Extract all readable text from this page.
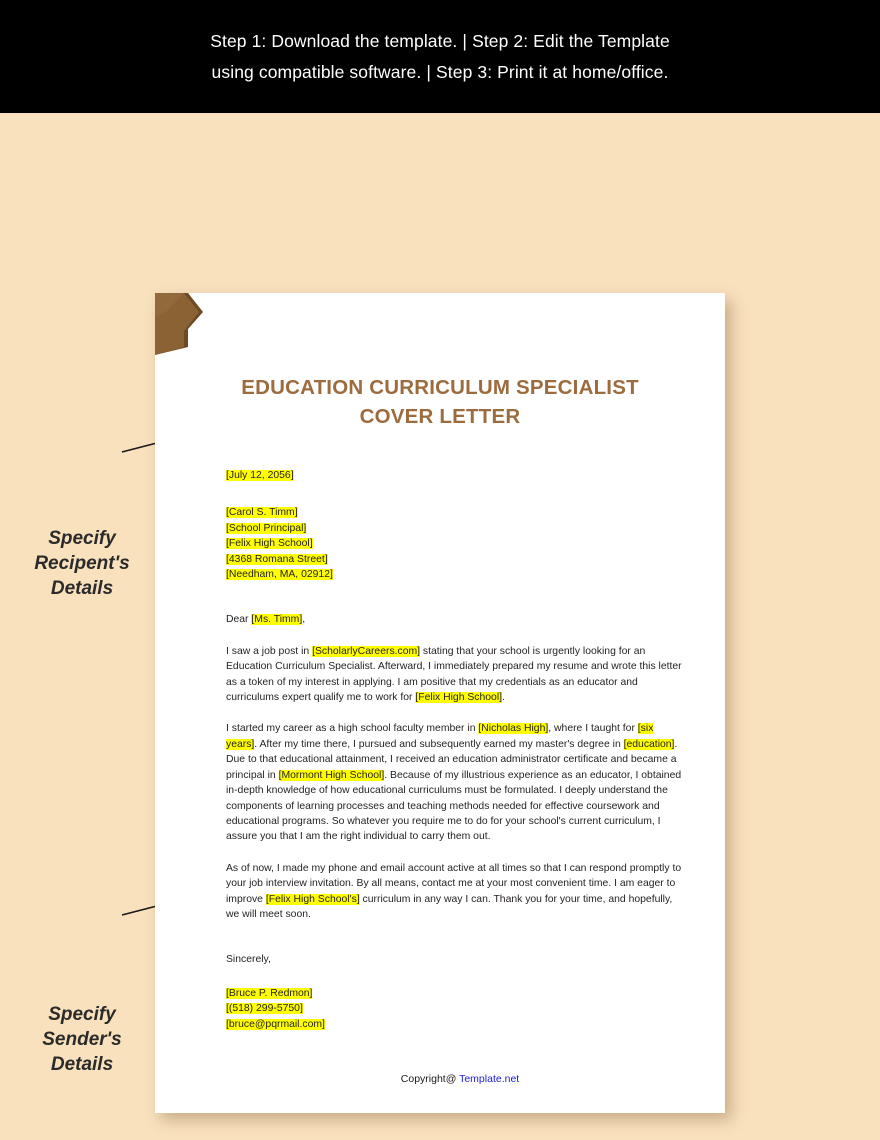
Step 1: Download the template. | Step 2: Edit the Template
using compatible software. | Step 3: Print it at home/office.
Specify
Recipent's
Details
Specify
Sender's
Details
EDUCATION CURRICULUM SPECIALIST
COVER LETTER
[July 12, 2056]
[Carol S. Timm]
[School Principal]
[Felix High School]
[4368 Romana Street]
[Needham, MA, 02912]
Dear [Ms. Timm],

I saw a job post in [ScholarlyCareers.com] stating that your school is urgently looking for an Education Curriculum Specialist. Afterward, I immediately prepared my resume and wrote this letter as a token of my interest in applying. I am positive that my credentials as an educator and curriculums expert qualify me to work for [Felix High School].

I started my career as a high school faculty member in [Nicholas High], where I taught for [six years]. After my time there, I pursued and subsequently earned my master's degree in [education]. Due to that educational attainment, I received an education administrator certificate and became a principal in [Mormont High School]. Because of my illustrious experience as an educator, I obtained in-depth knowledge of how educational curriculums must be formulated. I deeply understand the components of learning processes and teaching methods needed for effective coursework and educational programs. So whatever you require me to do for your school's current curriculum, I assure you that I am the right individual to carry them out.

As of now, I made my phone and email account active at all times so that I can respond promptly to your job interview invitation. By all means, contact me at your most convenient time. I am eager to improve [Felix High School's] curriculum in any way I can. Thank you for your time, and hopefully, we will meet soon.

Sincerely,
[Bruce P. Redmon]
[(518) 299-5750]
[bruce@pqrmail.com]
Copyright@ Template.net
